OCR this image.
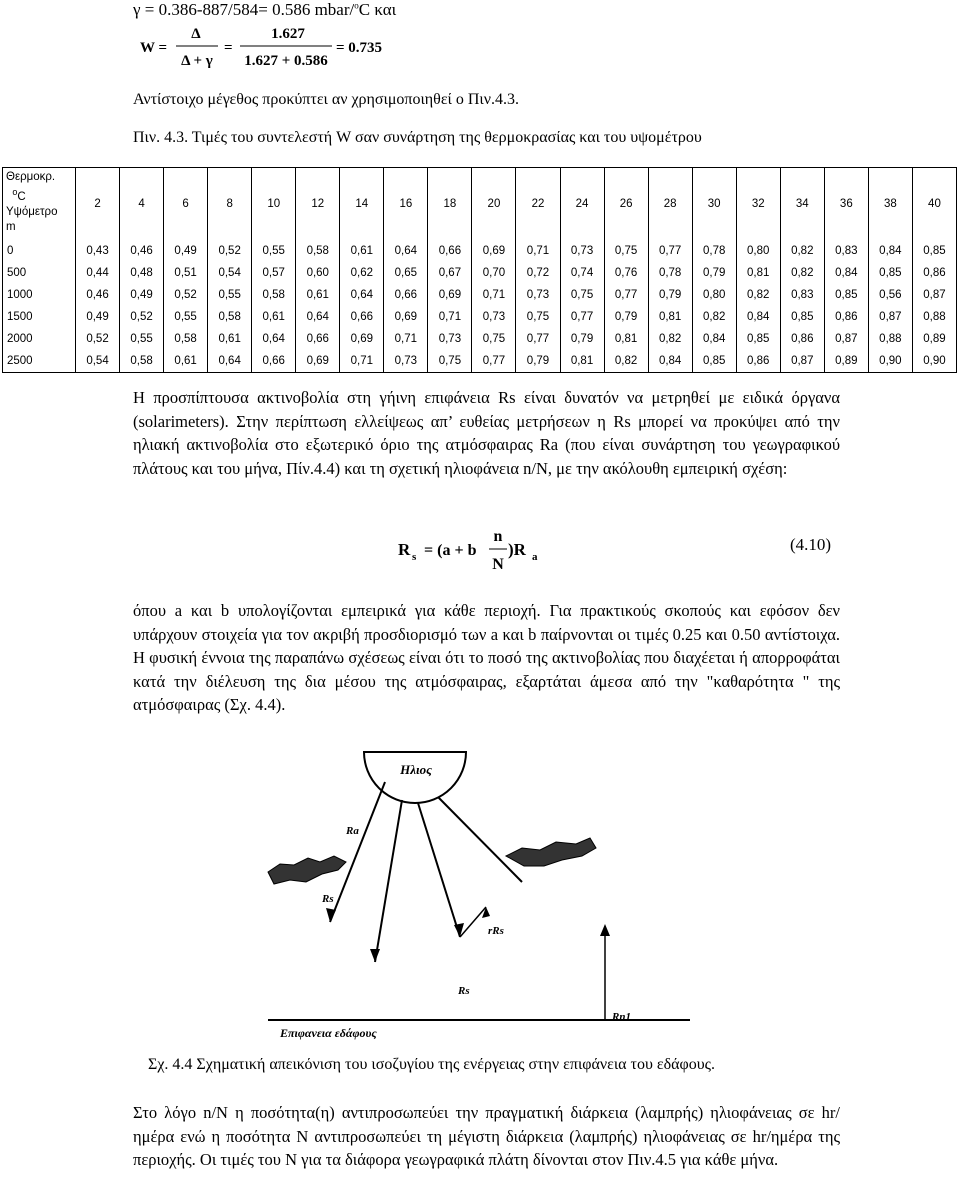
γ = 0.386-887/584= 0.586 mbar/$^o$C και
W =
Δ
Δ + γ
=
1.627
1.627 + 0.586
= 0.735
Αντίστοιχο μέγεθος προκύπτει αν χρησιμοποιηθεί ο Πιν.4.3.
Πιν. 4.3. Τιμές του συντελεστή W σαν συνάρτηση της θερμοκρασίας και του υψομέτρου
Θερμοκρ.
$^o$C
Υψόμετρο
m	2	4	6	8	10	12	14	16	18	20	22	24	26	28	30	32	34	36	38	40
0	0,43	0,46	0,49	0,52	0,55	0,58	0,61	0,64	0,66	0,69	0,71	0,73	0,75	0,77	0,78	0,80	0,82	0,83	0,84	0,85
500	0,44	0,48	0,51	0,54	0,57	0,60	0,62	0,65	0,67	0,70	0,72	0,74	0,76	0,78	0,79	0,81	0,82	0,84	0,85	0,86
1000	0,46	0,49	0,52	0,55	0,58	0,61	0,64	0,66	0,69	0,71	0,73	0,75	0,77	0,79	0,80	0,82	0,83	0,85	0,56	0,87
1500	0,49	0,52	0,55	0,58	0,61	0,64	0,66	0,69	0,71	0,73	0,75	0,77	0,79	0,81	0,82	0,84	0,85	0,86	0,87	0,88
2000	0,52	0,55	0,58	0,61	0,64	0,66	0,69	0,71	0,73	0,75	0,77	0,79	0,81	0,82	0,84	0,85	0,86	0,87	0,88	0,89
2500	0,54	0,58	0,61	0,64	0,66	0,69	0,71	0,73	0,75	0,77	0,79	0,81	0,82	0,84	0,85	0,86	0,87	0,89	0,90	0,90
Η προσπίπτουσα ακτινοβολία στη γήινη επιφάνεια Rs είναι δυνατόν να μετρηθεί με ειδικά όργανα (solarimeters). Στην περίπτωση ελλείψεως απ’ ευθείας μετρήσεων η Rs μπορεί να προκύψει από την ηλιακή ακτινοβολία στο εξωτερικό όριο της ατμόσφαιρας Ra (που είναι συνάρτηση του γεωγραφικού πλάτους και του μήνα, Πίν.4.4) και τη σχετική ηλιοφάνεια n/N, με την ακόλουθη εμπειρική σχέση:
R s = (a + b
n
N
)R a
(4.10)
όπου a και b υπολογίζονται εμπειρικά για κάθε περιοχή. Για πρακτικούς σκοπούς και εφόσον δεν υπάρχουν στοιχεία για τον ακριβή προσδιορισμό των a και b παίρνονται οι τιμές 0.25 και 0.50 αντίστοιχα. Η φυσική έννοια της παραπάνω σχέσεως είναι ότι το ποσό της ακτινοβολίας που διαχέεται ή απορροφάται κατά την διέλευση της δια μέσου της ατμόσφαιρας, εξαρτάται άμεσα από την "καθαρότητα " της ατμόσφαιρας (Σχ. 4.4).
Ηλιος
Ra
Rs
rRs
Rs
Rn1
Επιφανεια εδάφους
Σχ. 4.4 Σχηματική απεικόνιση του ισοζυγίου της ενέργειας στην επιφάνεια του εδάφους.
Στο λόγο n/N η ποσότητα(η) αντιπροσωπεύει την πραγματική διάρκεια (λαμπρής) ηλιοφάνειας σε hr/ημέρα ενώ η ποσότητα N αντιπροσωπεύει τη μέγιστη διάρκεια (λαμπρής) ηλιοφάνειας σε hr/ημέρα της περιοχής. Οι τιμές του N για τα διάφορα γεωγραφικά πλάτη δίνονται στον Πιν.4.5 για κάθε μήνα.
